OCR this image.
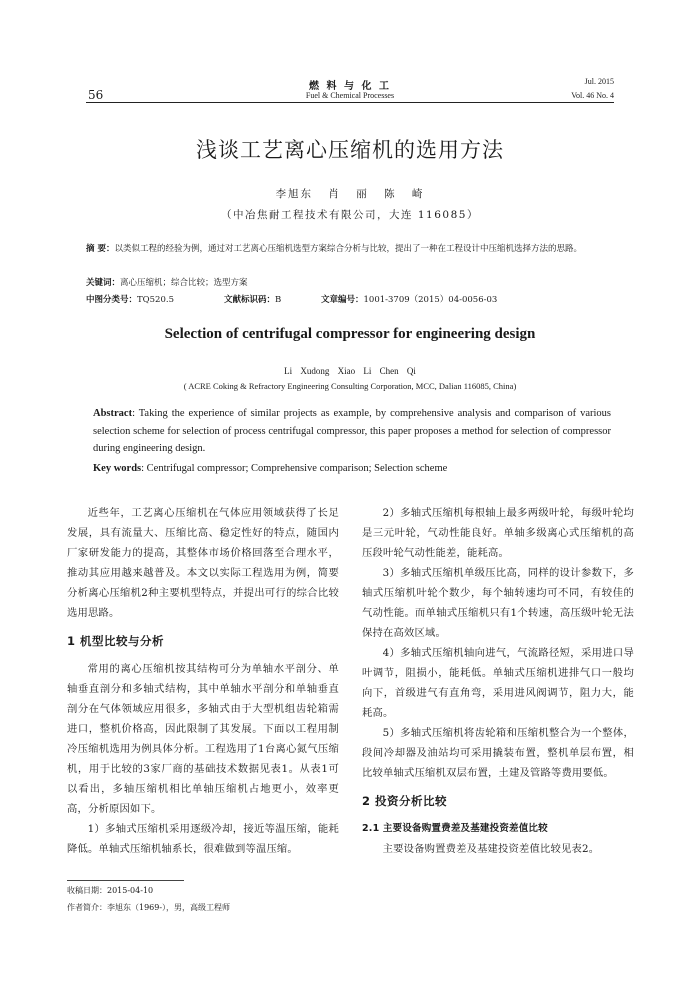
56
燃 料 与 化 工
Fuel & Chemical Processes
Jul. 2015
Vol. 46 No. 4
浅谈工艺离心压缩机的选用方法
李旭东 肖 丽 陈 崎
（中冶焦耐工程技术有限公司，大连 116085）
摘 要：以类似工程的经验为例，通过对工艺离心压缩机选型方案综合分析与比较，提出了一种在工程设计中压缩机选择方法的思路。
关键词：离心压缩机；综合比较；选型方案
中图分类号：TQ520.5	文献标识码：B	文章编号：1001-3709（2015）04-0056-03
Selection of centrifugal compressor for engineering design
Li Xudong Xiao Li Chen Qi
( ACRE Coking & Refractory Engineering Consulting Corporation, MCC, Dalian 116085, China)
Abstract: Taking the experience of similar projects as example, by comprehensive analysis and comparison of various selection scheme for selection of process centrifugal compressor, this paper proposes a method for selection of compressor during engineering design.
Key words: Centrifugal compressor; Comprehensive comparison; Selection scheme

近些年，工艺离心压缩机在气体应用领域获得了长足发展，具有流量大、压缩比高、稳定性好的特点，随国内厂家研发能力的提高，其整体市场价格回落至合理水平，推动其应用越来越普及。本文以实际工程选用为例，简要分析离心压缩机2种主要机型特点，并提出可行的综合比较选用思路。

1 机型比较与分析

常用的离心压缩机按其结构可分为单轴水平剖分、单轴垂直剖分和多轴式结构，其中单轴水平剖分和单轴垂直剖分在气体领域应用很多，多轴式由于大型机组齿轮箱需进口，整机价格高，因此限制了其发展。下面以工程用制冷压缩机选用为例具体分析。工程选用了1台离心氮气压缩机，用于比较的3家厂商的基础技术数据见表1。从表1可以看出，多轴压缩机相比单轴压缩机占地更小，效率更高，分析原因如下。

1）多轴式压缩机采用逐级冷却，接近等温压缩，能耗降低。单轴式压缩机轴系长，很难做到等温压缩。

2）多轴式压缩机每根轴上最多两级叶轮，每级叶轮均是三元叶轮，气动性能良好。单轴多级离心式压缩机的高压段叶轮气动性能差，能耗高。

3）多轴式压缩机单级压比高，同样的设计参数下，多轴式压缩机叶轮个数少，每个轴转速均可不同，有较佳的气动性能。而单轴式压缩机只有1个转速，高压级叶轮无法保持在高效区域。

4）多轴式压缩机轴向进气，气流路径短，采用进口导叶调节，阻损小，能耗低。单轴式压缩机进排气口一般均向下，首级进气有直角弯，采用进风阀调节，阻力大，能耗高。

5）多轴式压缩机将齿轮箱和压缩机整合为一个整体，段间冷却器及油站均可采用撬装布置，整机单层布置，相比较单轴式压缩机双层布置，土建及管路等费用要低。

2 投资分析比较

2.1 主要设备购置费差及基建投资差值比较

主要设备购置费差及基建投资差值比较见表2。

收稿日期：2015-04-10
作者简介：李旭东（1969-），男，高级工程师
